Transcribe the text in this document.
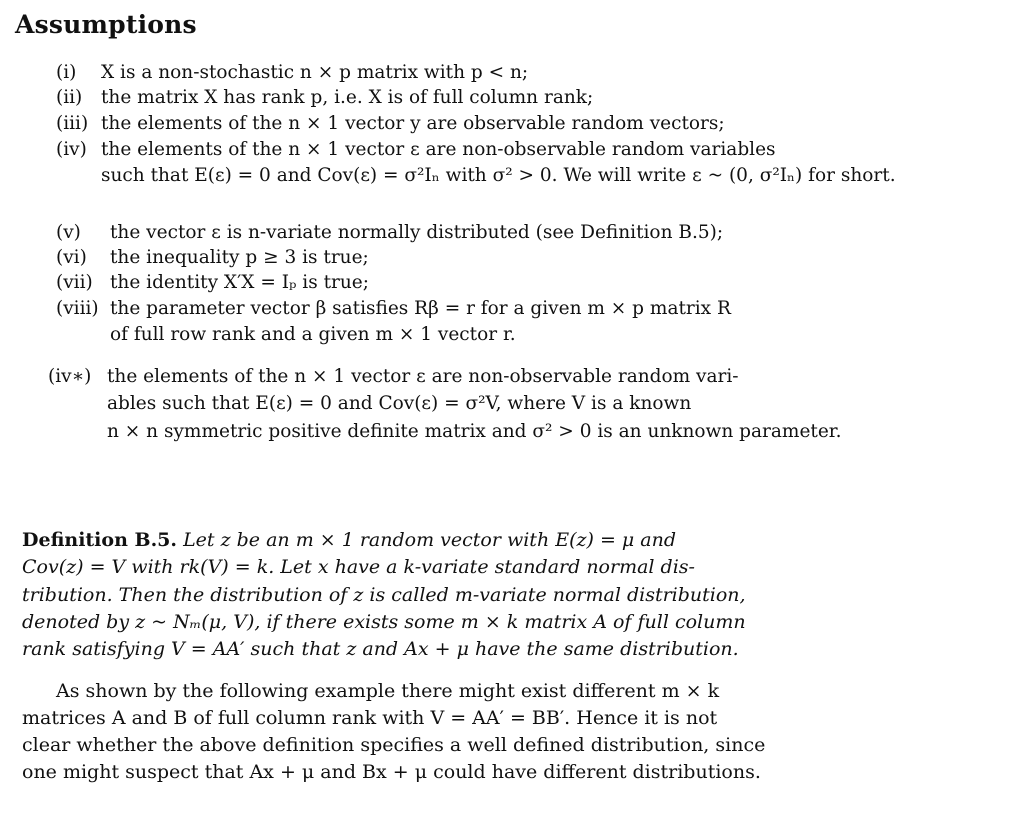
Assumptions
(i) X is a non-stochastic n × p matrix with p < n;
(ii) the matrix X has rank p, i.e. X is of full column rank;
(iii) the elements of the n × 1 vector y are observable random vectors;
(iv) the elements of the n × 1 vector ε are non-observable random variables
such that E(ε) = 0 and Cov(ε) = σ²Iₙ with σ² > 0. We will write ε ~ (0, σ²Iₙ) for short.
(v) the vector ε is n-variate normally distributed (see Definition B.5);
(vi) the inequality p ≥ 3 is true;
(vii) the identity X′X = Iₚ is true;
(viii) the parameter vector β satisfies Rβ = r for a given m × p matrix R
of full row rank and a given m × 1 vector r.
(iv∗) the elements of the n × 1 vector ε are non-observable random vari-
ables such that E(ε) = 0 and Cov(ε) = σ²V, where V is a known
n × n symmetric positive definite matrix and σ² > 0 is an unknown parameter.
Definition B.5. Let z be an m × 1 random vector with E(z) = μ and
Cov(z) = V with rk(V) = k. Let x have a k-variate standard normal dis-
tribution. Then the distribution of z is called m-variate normal distribution,
denoted by z ~ Nₘ(μ, V), if there exists some m × k matrix A of full column
rank satisfying V = AA′ such that z and Ax + μ have the same distribution.
As shown by the following example there might exist different m × k
matrices A and B of full column rank with V = AA′ = BB′. Hence it is not
clear whether the above definition specifies a well defined distribution, since
one might suspect that Ax + μ and Bx + μ could have different distributions.
